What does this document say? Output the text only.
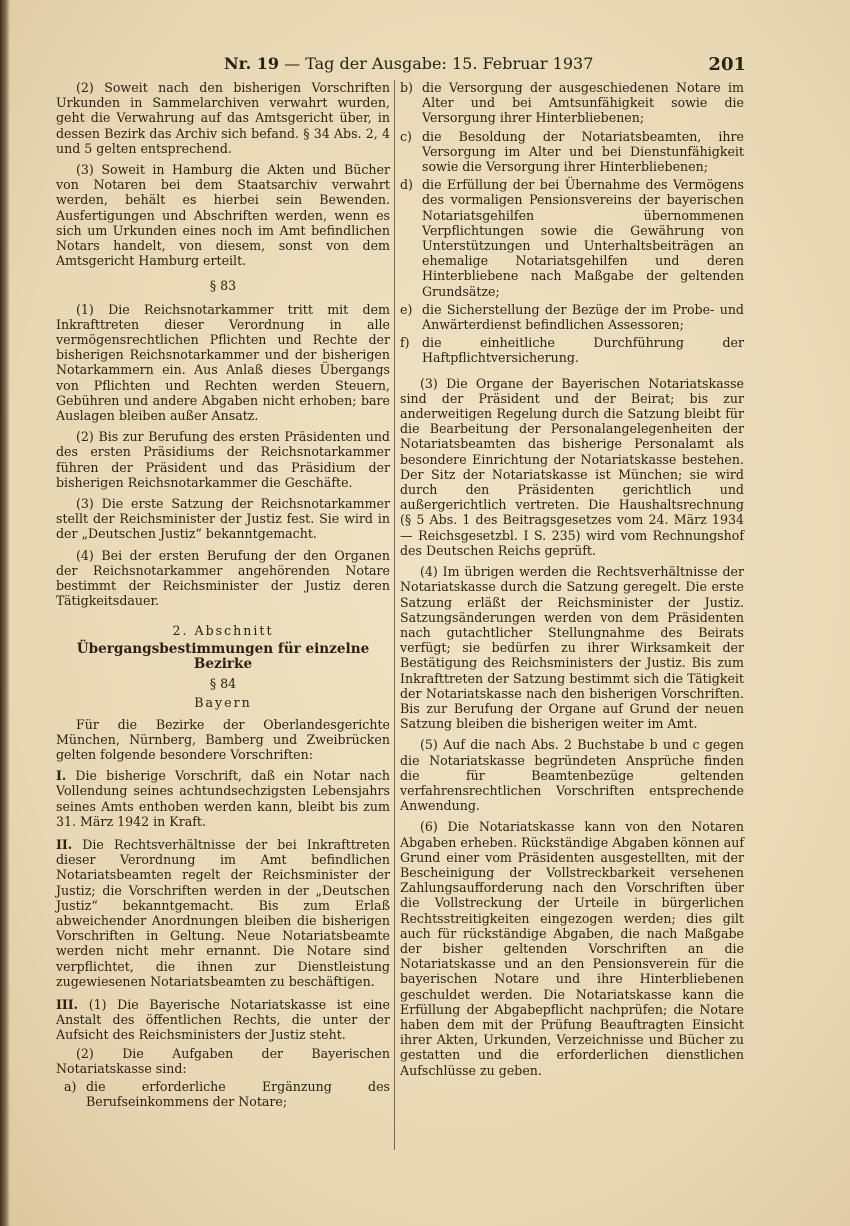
Nr. 19 — Tag der Ausgabe: 15. Februar 1937	201

(2) Soweit nach den bisherigen Vorschriften Urkunden in Sammelarchiven verwahrt wurden, geht die Verwahrung auf das Amtsgericht über, in dessen Bezirk das Archiv sich befand. § 34 Abs. 2, 4 und 5 gelten entsprechend.

(3) Soweit in Hamburg die Akten und Bücher von Notaren bei dem Staatsarchiv verwahrt werden, behält es hierbei sein Bewenden. Ausfertigungen und Abschriften werden, wenn es sich um Urkunden eines noch im Amt befindlichen Notars handelt, von diesem, sonst von dem Amtsgericht Hamburg erteilt.

§ 83

(1) Die Reichsnotarkammer tritt mit dem Inkrafttreten dieser Verordnung in alle vermögensrechtlichen Pflichten und Rechte der bisherigen Reichsnotarkammer und der bisherigen Notarkammern ein. Aus Anlaß dieses Übergangs von Pflichten und Rechten werden Steuern, Gebühren und andere Abgaben nicht erhoben; bare Auslagen bleiben außer Ansatz.

(2) Bis zur Berufung des ersten Präsidenten und des ersten Präsidiums der Reichsnotarkammer führen der Präsident und das Präsidium der bisherigen Reichsnotarkammer die Geschäfte.

(3) Die erste Satzung der Reichsnotarkammer stellt der Reichsminister der Justiz fest. Sie wird in der „Deutschen Justiz“ bekanntgemacht.

(4) Bei der ersten Berufung der den Organen der Reichsnotarkammer angehörenden Notare bestimmt der Reichsminister der Justiz deren Tätigkeitsdauer.

2. Abschnitt
Übergangsbestimmungen für einzelne Bezirke
§ 84
Bayern

Für die Bezirke der Oberlandesgerichte München, Nürnberg, Bamberg und Zweibrücken gelten folgende besondere Vorschriften:

I. Die bisherige Vorschrift, daß ein Notar nach Vollendung seines achtundsechzigsten Lebensjahrs seines Amts enthoben werden kann, bleibt bis zum 31. März 1942 in Kraft.

II. Die Rechtsverhältnisse der bei Inkrafttreten dieser Verordnung im Amt befindlichen Notariatsbeamten regelt der Reichsminister der Justiz; die Vorschriften werden in der „Deutschen Justiz“ bekanntgemacht. Bis zum Erlaß abweichender Anordnungen bleiben die bisherigen Vorschriften in Geltung. Neue Notariatsbeamte werden nicht mehr ernannt. Die Notare sind verpflichtet, die ihnen zur Dienstleistung zugewiesenen Notariatsbeamten zu beschäftigen.

III. (1) Die Bayerische Notariatskasse ist eine Anstalt des öffentlichen Rechts, die unter der Aufsicht des Reichsministers der Justiz steht.

(2) Die Aufgaben der Bayerischen Notariatskasse sind:

a) die erforderliche Ergänzung des Berufseinkommens der Notare;
b) die Versorgung der ausgeschiedenen Notare im Alter und bei Amtsunfähigkeit sowie die Versorgung ihrer Hinterbliebenen;
c) die Besoldung der Notariatsbeamten, ihre Versorgung im Alter und bei Dienstunfähigkeit sowie die Versorgung ihrer Hinterbliebenen;
d) die Erfüllung der bei Übernahme des Vermögens des vormaligen Pensionsvereins der bayerischen Notariatsgehilfen übernommenen Verpflichtungen sowie die Gewährung von Unterstützungen und Unterhaltsbeiträgen an ehemalige Notariatsgehilfen und deren Hinterbliebene nach Maßgabe der geltenden Grundsätze;
e) die Sicherstellung der Bezüge der im Probe- und Anwärterdienst befindlichen Assessoren;
f) die einheitliche Durchführung der Haftpflichtversicherung.

(3) Die Organe der Bayerischen Notariatskasse sind der Präsident und der Beirat; bis zur anderweitigen Regelung durch die Satzung bleibt für die Bearbeitung der Personalangelegenheiten der Notariatsbeamten das bisherige Personalamt als besondere Einrichtung der Notariatskasse bestehen. Der Sitz der Notariatskasse ist München; sie wird durch den Präsidenten gerichtlich und außergerichtlich vertreten. Die Haushaltsrechnung (§ 5 Abs. 1 des Beitragsgesetzes vom 24. März 1934 — Reichsgesetzbl. I S. 235) wird vom Rechnungshof des Deutschen Reichs geprüft.

(4) Im übrigen werden die Rechtsverhältnisse der Notariatskasse durch die Satzung geregelt. Die erste Satzung erläßt der Reichsminister der Justiz. Satzungsänderungen werden von dem Präsidenten nach gutachtlicher Stellungnahme des Beirats verfügt; sie bedürfen zu ihrer Wirksamkeit der Bestätigung des Reichsministers der Justiz. Bis zum Inkrafttreten der Satzung bestimmt sich die Tätigkeit der Notariatskasse nach den bisherigen Vorschriften. Bis zur Berufung der Organe auf Grund der neuen Satzung bleiben die bisherigen weiter im Amt.

(5) Auf die nach Abs. 2 Buchstabe b und c gegen die Notariatskasse begründeten Ansprüche finden die für Beamtenbezüge geltenden verfahrensrechtlichen Vorschriften entsprechende Anwendung.

(6) Die Notariatskasse kann von den Notaren Abgaben erheben. Rückständige Abgaben können auf Grund einer vom Präsidenten ausgestellten, mit der Bescheinigung der Vollstreckbarkeit versehenen Zahlungsaufforderung nach den Vorschriften über die Vollstreckung der Urteile in bürgerlichen Rechtsstreitigkeiten eingezogen werden; dies gilt auch für rückständige Abgaben, die nach Maßgabe der bisher geltenden Vorschriften an die Notariatskasse und an den Pensionsverein für die bayerischen Notare und ihre Hinterbliebenen geschuldet werden. Die Notariatskasse kann die Erfüllung der Abgabepflicht nachprüfen; die Notare haben dem mit der Prüfung Beauftragten Einsicht ihrer Akten, Urkunden, Verzeichnisse und Bücher zu gestatten und die erforderlichen dienstlichen Aufschlüsse zu geben.
